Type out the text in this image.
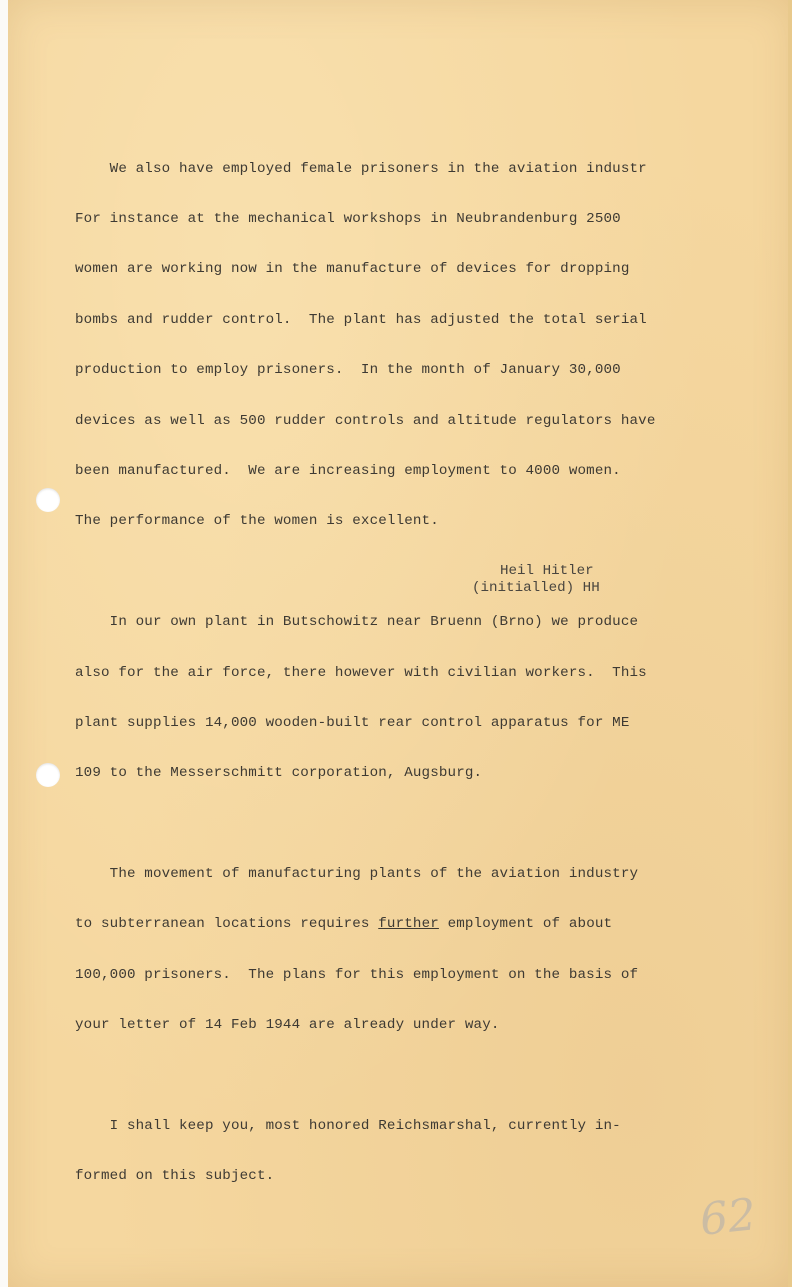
We also have employed female prisoners in the aviation industr

For instance at the mechanical workshops in Neubrandenburg 2500

women are working now in the manufacture of devices for dropping

bombs and rudder control.  The plant has adjusted the total serial

production to employ prisoners.  In the month of January 30,000

devices as well as 500 rudder controls and altitude regulators have

been manufactured.  We are increasing employment to 4000 women.

The performance of the women is excellent.

In our own plant in Butschowitz near Bruenn (Brno) we produce

also for the air force, there however with civilian workers.  This

plant supplies 14,000 wooden-built rear control apparatus for ME

109 to the Messerschmitt corporation, Augsburg.

The movement of manufacturing plants of the aviation industry

to subterranean locations requires further employment of about

100,000 prisoners.  The plans for this employment on the basis of

your letter of 14 Feb 1944 are already under way.

I shall keep you, most honored Reichsmarshal, currently in-

formed on this subject.

Heil Hitler
(initialled) HH
62
